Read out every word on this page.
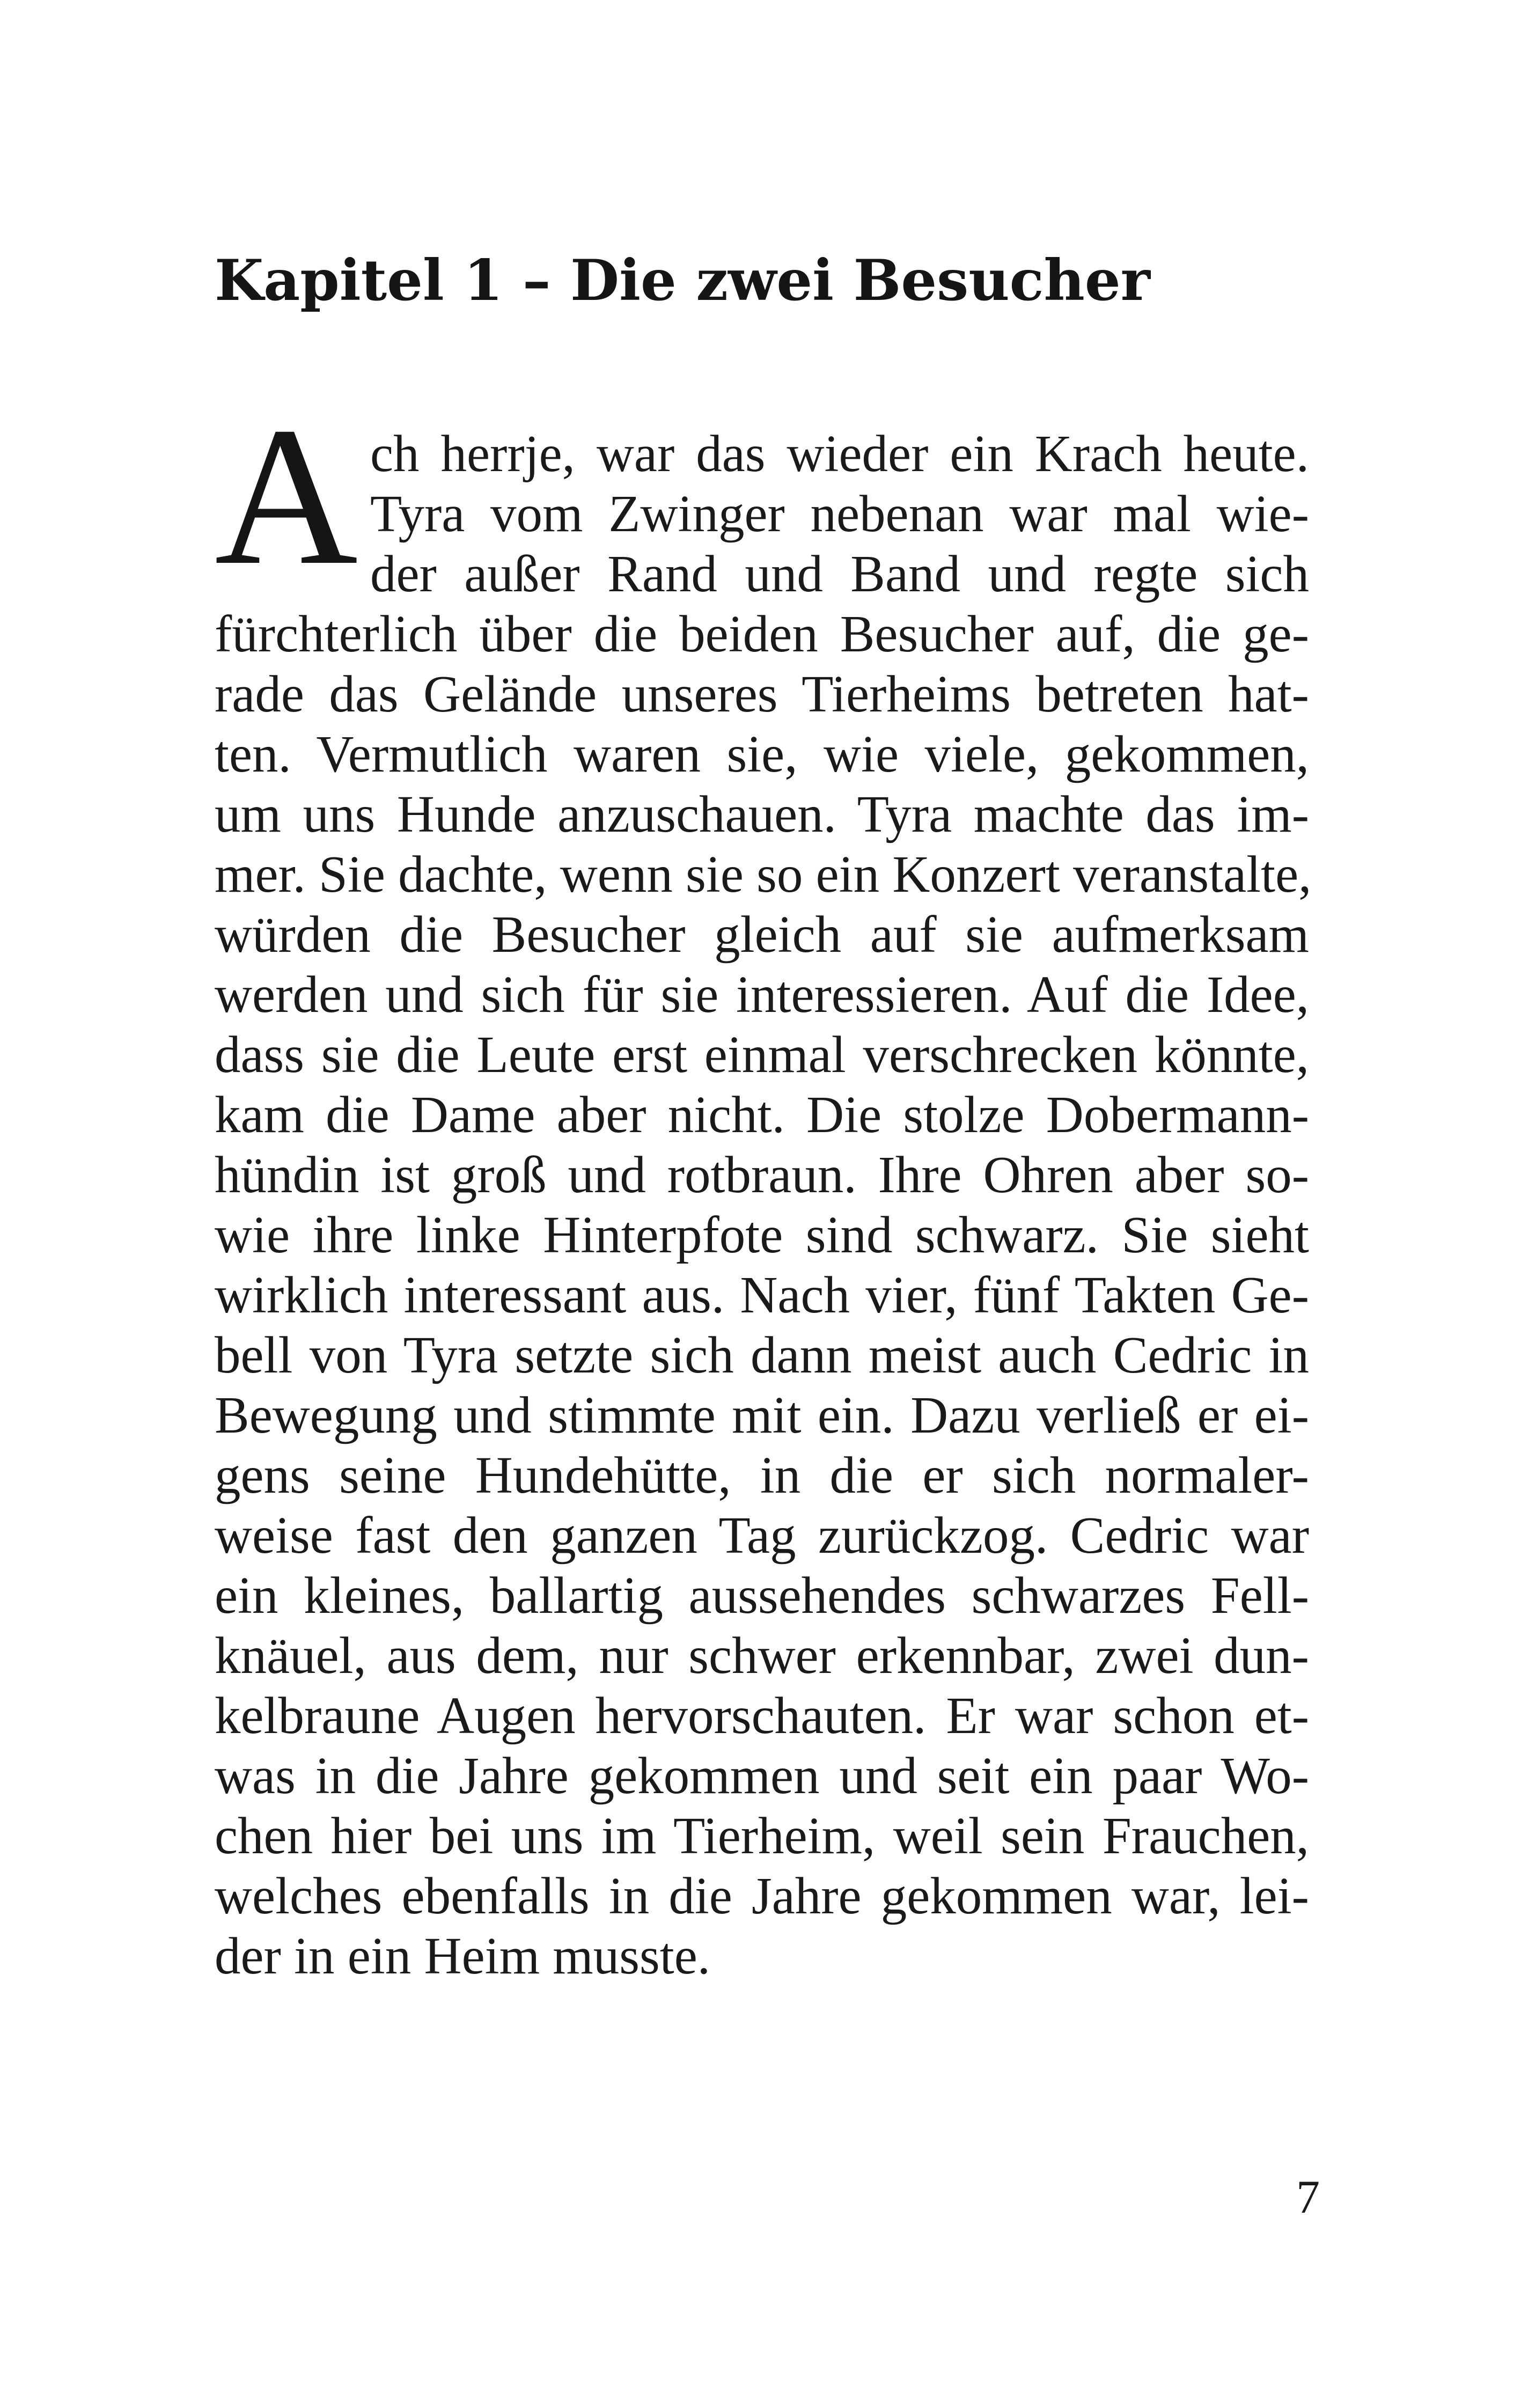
Kapitel 1 – Die zwei Besucher
A ch herrje, war das wieder ein Krach heute.
Tyra vom Zwinger nebenan war mal wie-
der außer Rand und Band und regte sich
fürchterlich über die beiden Besucher auf, die ge-
rade das Gelände unseres Tierheims betreten hat-
ten. Vermutlich waren sie, wie viele, gekommen,
um uns Hunde anzuschauen. Tyra machte das im-
mer. Sie dachte, wenn sie so ein Konzert veranstalte,
würden die Besucher gleich auf sie aufmerksam
werden und sich für sie interessieren. Auf die Idee,
dass sie die Leute erst einmal verschrecken könnte,
kam die Dame aber nicht. Die stolze Dobermann-
hündin ist groß und rotbraun. Ihre Ohren aber so-
wie ihre linke Hinterpfote sind schwarz. Sie sieht
wirklich interessant aus. Nach vier, fünf Takten Ge-
bell von Tyra setzte sich dann meist auch Cedric in
Bewegung und stimmte mit ein. Dazu verließ er ei-
gens seine Hundehütte, in die er sich normaler-
weise fast den ganzen Tag zurückzog. Cedric war
ein kleines, ballartig aussehendes schwarzes Fell-
knäuel, aus dem, nur schwer erkennbar, zwei dun-
kelbraune Augen hervorschauten. Er war schon et-
was in die Jahre gekommen und seit ein paar Wo-
chen hier bei uns im Tierheim, weil sein Frauchen,
welches ebenfalls in die Jahre gekommen war, lei-
der in ein Heim musste.
7
